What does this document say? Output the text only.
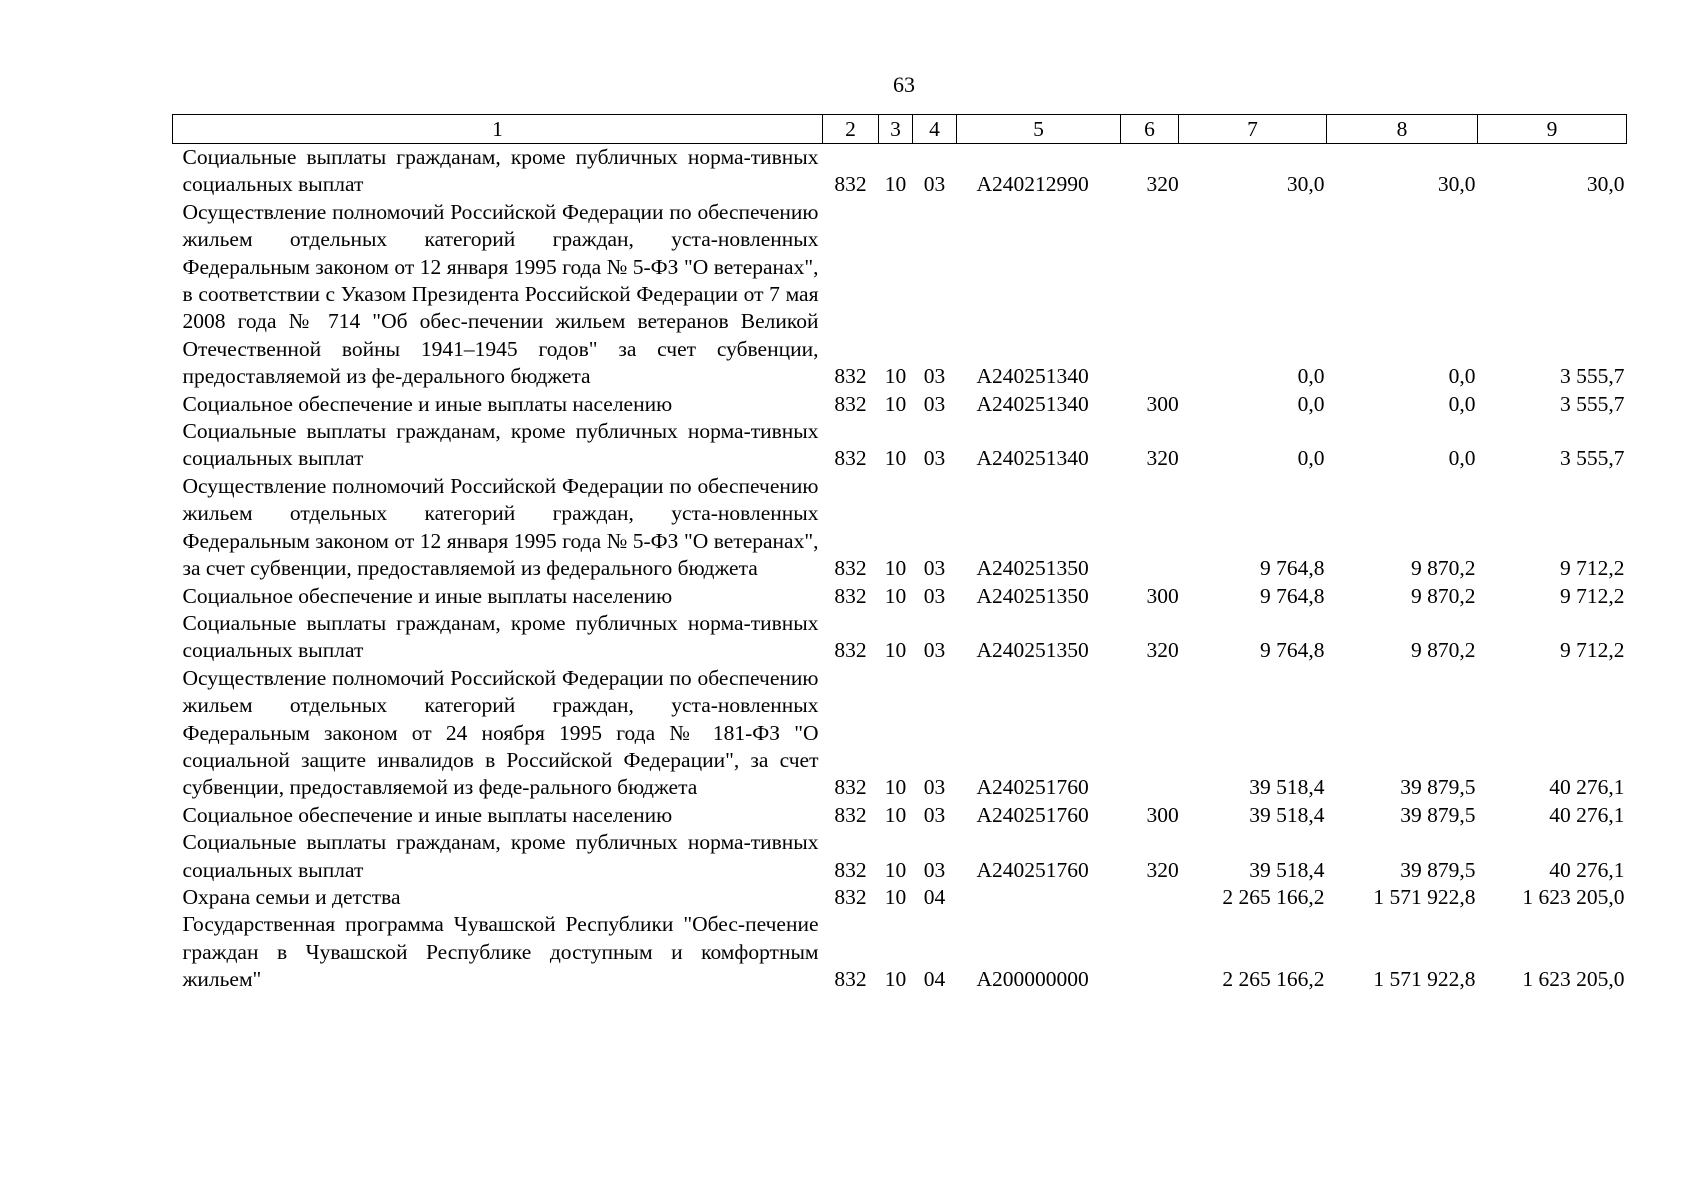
63
1	2	3	4	5	6	7	8	9
Социальные выплаты гражданам, кроме публичных норма-тивных социальных выплат	832	10	03	А240212990	320	30,0	30,0	30,0
Осуществление полномочий Российской Федерации по обеспечению жильем отдельных категорий граждан, уста-новленных Федеральным законом от 12 января 1995 года № 5-ФЗ "О ветеранах", в соответствии с Указом Президента Российской Федерации от 7 мая 2008 года № 714 "Об обес-печении жильем ветеранов Великой Отечественной войны 1941–1945 годов" за счет субвенции, предоставляемой из фе-дерального бюджета	832	10	03	А240251340		0,0	0,0	3 555,7
Социальное обеспечение и иные выплаты населению	832	10	03	А240251340	300	0,0	0,0	3 555,7
Социальные выплаты гражданам, кроме публичных норма-тивных социальных выплат	832	10	03	А240251340	320	0,0	0,0	3 555,7
Осуществление полномочий Российской Федерации по обеспечению жильем отдельных категорий граждан, уста-новленных Федеральным законом от 12 января 1995 года № 5-ФЗ "О ветеранах", за счет субвенции, предоставляемой из федерального бюджета	832	10	03	А240251350		9 764,8	9 870,2	9 712,2
Социальное обеспечение и иные выплаты населению	832	10	03	А240251350	300	9 764,8	9 870,2	9 712,2
Социальные выплаты гражданам, кроме публичных норма-тивных социальных выплат	832	10	03	А240251350	320	9 764,8	9 870,2	9 712,2
Осуществление полномочий Российской Федерации по обеспечению жильем отдельных категорий граждан, уста-новленных Федеральным законом от 24 ноября 1995 года № 181-ФЗ "О социальной защите инвалидов в Российской Федерации", за счет субвенции, предоставляемой из феде-рального бюджета	832	10	03	А240251760		39 518,4	39 879,5	40 276,1
Социальное обеспечение и иные выплаты населению	832	10	03	А240251760	300	39 518,4	39 879,5	40 276,1
Социальные выплаты гражданам, кроме публичных норма-тивных социальных выплат	832	10	03	А240251760	320	39 518,4	39 879,5	40 276,1
Охрана семьи и детства	832	10	04			2 265 166,2	1 571 922,8	1 623 205,0
Государственная программа Чувашской Республики "Обес-печение граждан в Чувашской Республике доступным и комфортным жильем"	832	10	04	А200000000		2 265 166,2	1 571 922,8	1 623 205,0
